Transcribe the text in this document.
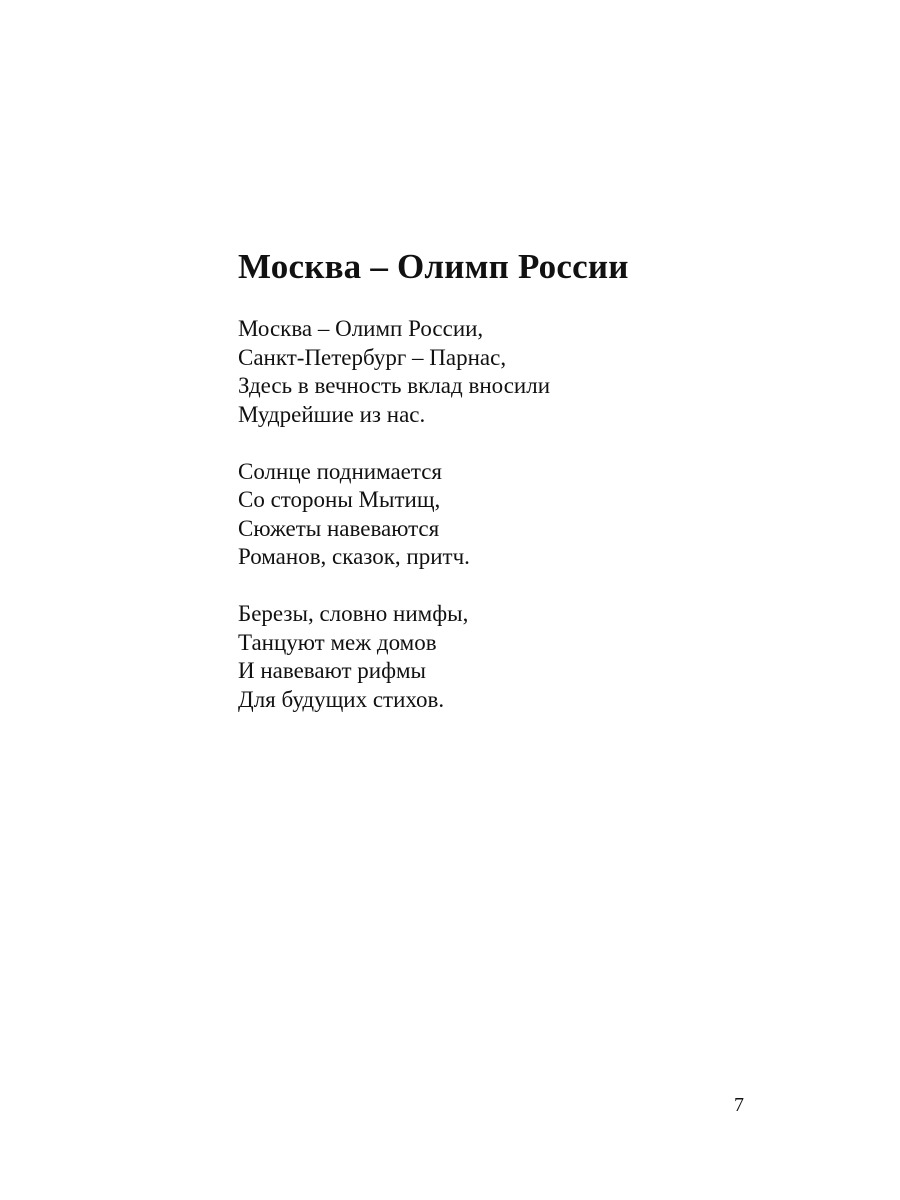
Москва – Олимп России

Москва – Олимп России,
Санкт-Петербург – Парнас,
Здесь в вечность вклад вносили
Мудрейшие из нас.

Солнце поднимается
Со стороны Мытищ,
Сюжеты навеваются
Романов, сказок, притч.

Березы, словно нимфы,
Танцуют меж домов
И навевают рифмы
Для будущих стихов.

7
